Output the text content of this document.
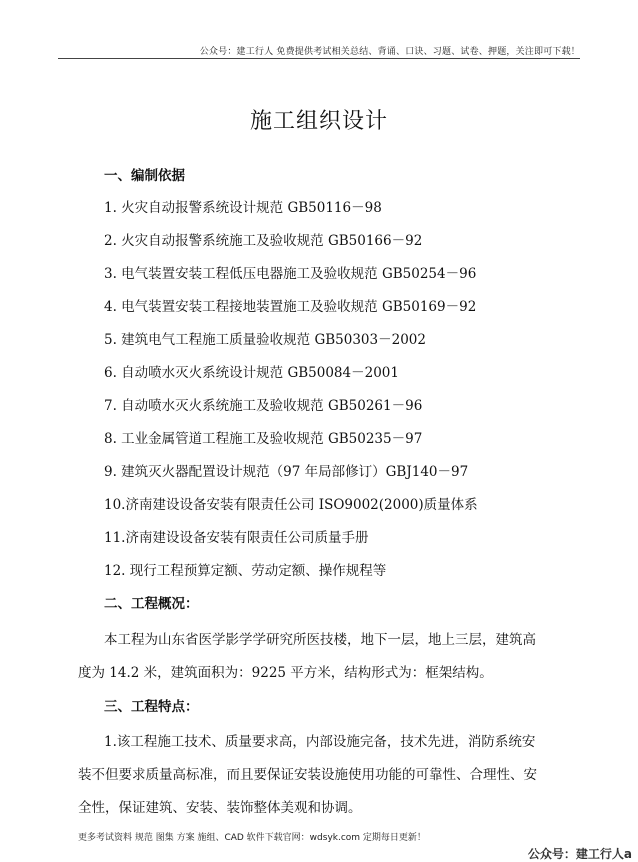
公众号：建工行人 免费提供考试相关总结、背诵、口诀、习题、试卷、押题，关注即可下载！
施工组织设计
一、编制依据
1. 火灾自动报警系统设计规范 GB50116－98
2. 火灾自动报警系统施工及验收规范 GB50166－92
3. 电气装置安装工程低压电器施工及验收规范 GB50254－96
4. 电气装置安装工程接地装置施工及验收规范 GB50169－92
5. 建筑电气工程施工质量验收规范 GB50303－2002
6. 自动喷水灭火系统设计规范 GB50084－2001
7. 自动喷水灭火系统施工及验收规范 GB50261－96
8. 工业金属管道工程施工及验收规范 GB50235－97
9. 建筑灭火器配置设计规范（97 年局部修订）GBJ140－97
10.济南建设设备安装有限责任公司 ISO9002(2000)质量体系
11.济南建设设备安装有限责任公司质量手册
12. 现行工程预算定额、劳动定额、操作规程等
二、工程概况：
本工程为山东省医学影学学研究所医技楼，地下一层，地上三层，建筑高
度为 14.2 米，建筑面积为：9225 平方米，结构形式为：框架结构。
三、工程特点：
1.该工程施工技术、质量要求高，内部设施完备，技术先进，消防系统安
装不但要求质量高标准，而且要保证安装设施使用功能的可靠性、合理性、安
全性，保证建筑、安装、装饰整体美观和协调。
更多考试资料 规范 图集 方案 施组、CAD 软件下载官网：wdsyk.com 定期每日更新！
公众号：建工行人a
